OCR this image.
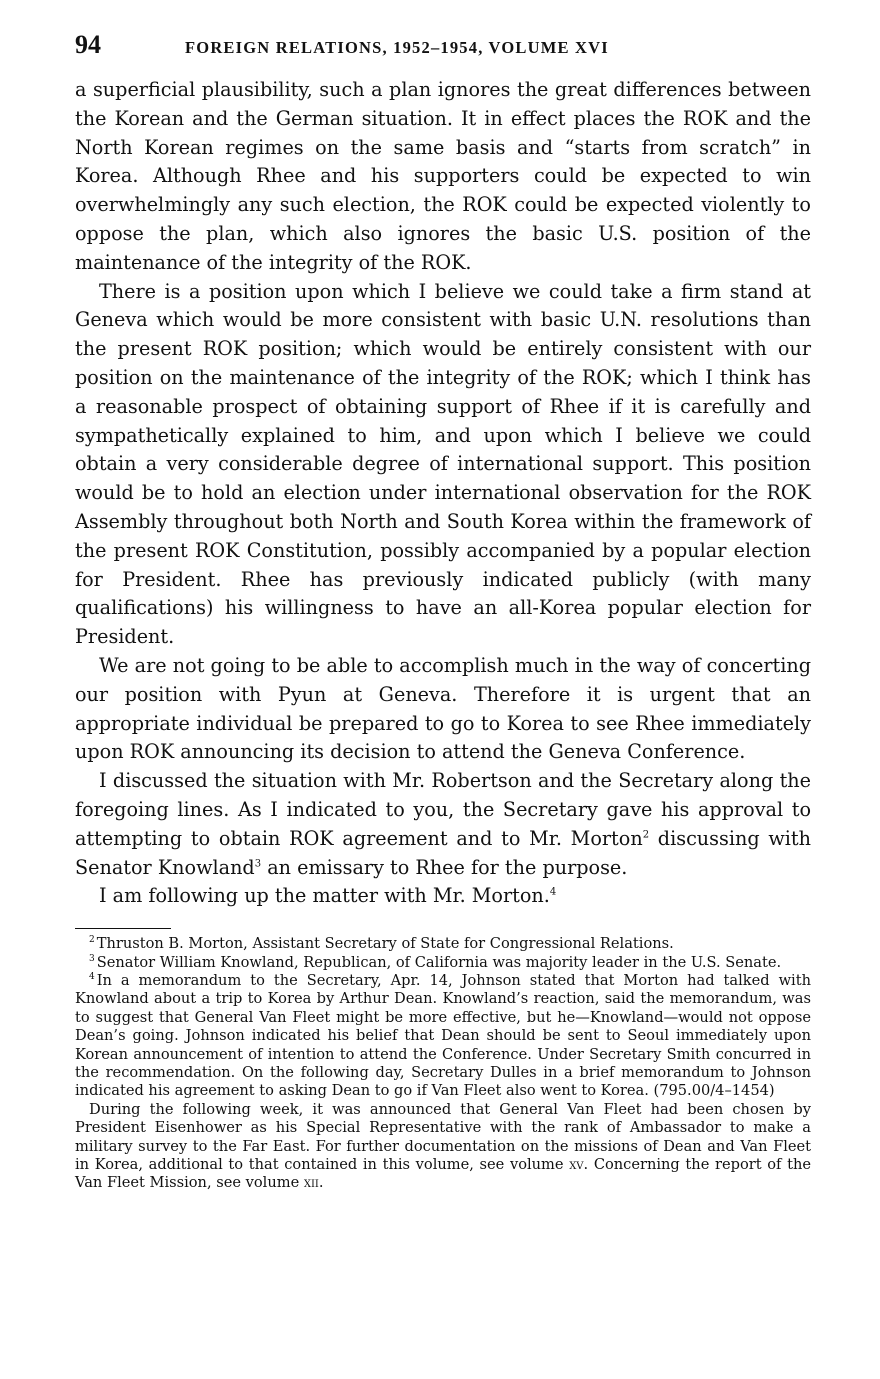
94	FOREIGN RELATIONS, 1952–1954, VOLUME XVI

a superficial plausibility, such a plan ignores the great differences between the Korean and the German situation. It in effect places the ROK and the North Korean regimes on the same basis and “starts from scratch” in Korea. Although Rhee and his supporters could be expected to win overwhelmingly any such election, the ROK could be expected violently to oppose the plan, which also ignores the basic U.S. position of the maintenance of the integrity of the ROK.

There is a position upon which I believe we could take a firm stand at Geneva which would be more consistent with basic U.N. resolutions than the present ROK position; which would be entirely consistent with our position on the maintenance of the integrity of the ROK; which I think has a reasonable prospect of obtaining support of Rhee if it is carefully and sympathetically explained to him, and upon which I believe we could obtain a very considerable degree of international support. This position would be to hold an election under international observation for the ROK Assembly throughout both North and South Korea within the framework of the present ROK Constitution, possibly accompanied by a popular election for President. Rhee has previously indicated publicly (with many qualifications) his willingness to have an all-Korea popular election for President.

We are not going to be able to accomplish much in the way of concerting our position with Pyun at Geneva. Therefore it is urgent that an appropriate individual be prepared to go to Korea to see Rhee immediately upon ROK announcing its decision to attend the Geneva Conference.

I discussed the situation with Mr. Robertson and the Secretary along the foregoing lines. As I indicated to you, the Secretary gave his approval to attempting to obtain ROK agreement and to Mr. Morton$^2$ discussing with Senator Knowland$^3$ an emissary to Rhee for the purpose.

I am following up the matter with Mr. Morton.$^4$

$^2$ Thruston B. Morton, Assistant Secretary of State for Congressional Relations.

$^3$ Senator William Knowland, Republican, of California was majority leader in the U.S. Senate.

$^4$ In a memorandum to the Secretary, Apr. 14, Johnson stated that Morton had talked with Knowland about a trip to Korea by Arthur Dean. Knowland’s reaction, said the memorandum, was to suggest that General Van Fleet might be more effective, but he—Knowland—would not oppose Dean’s going. Johnson indicated his belief that Dean should be sent to Seoul immediately upon Korean announcement of intention to attend the Conference. Under Secretary Smith concurred in the recommendation. On the following day, Secretary Dulles in a brief memorandum to Johnson indicated his agreement to asking Dean to go if Van Fleet also went to Korea. (795.00/4–1454)

During the following week, it was announced that General Van Fleet had been chosen by President Eisenhower as his Special Representative with the rank of Ambassador to make a military survey to the Far East. For further documentation on the missions of Dean and Van Fleet in Korea, additional to that contained in this volume, see volume xv. Concerning the report of the Van Fleet Mission, see volume xii.
